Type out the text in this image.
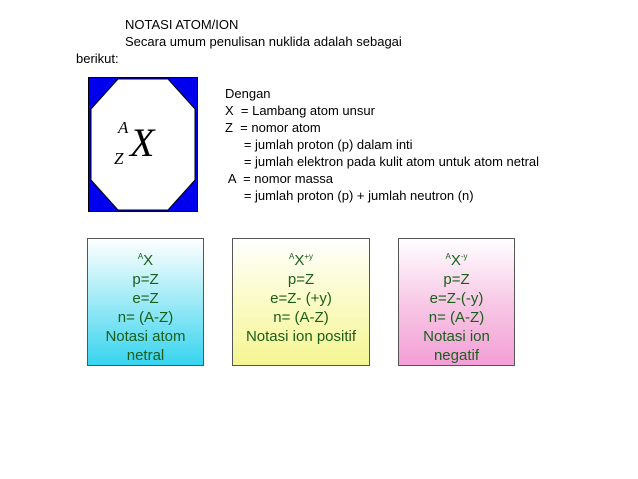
NOTASI ATOM/ION
Secara umum penulisan nuklida adalah sebagai
berikut:
A
Z X
Dengan
X  = Lambang atom unsur
Z  = nomor atom
= jumlah proton (p) dalam inti
= jumlah elektron pada kulit atom untuk atom netral
A  = nomor massa
= jumlah proton (p) + jumlah neutron (n)
$^A$X
p=Z
e=Z
n= (A-Z)
Notasi atom
netral
$^AX^{+y}$
p=Z
e=Z- (+y)
n= (A-Z)
Notasi ion positif
$^AX^{-y}$
p=Z
e=Z-(-y)
n= (A-Z)
Notasi ion
negatif
